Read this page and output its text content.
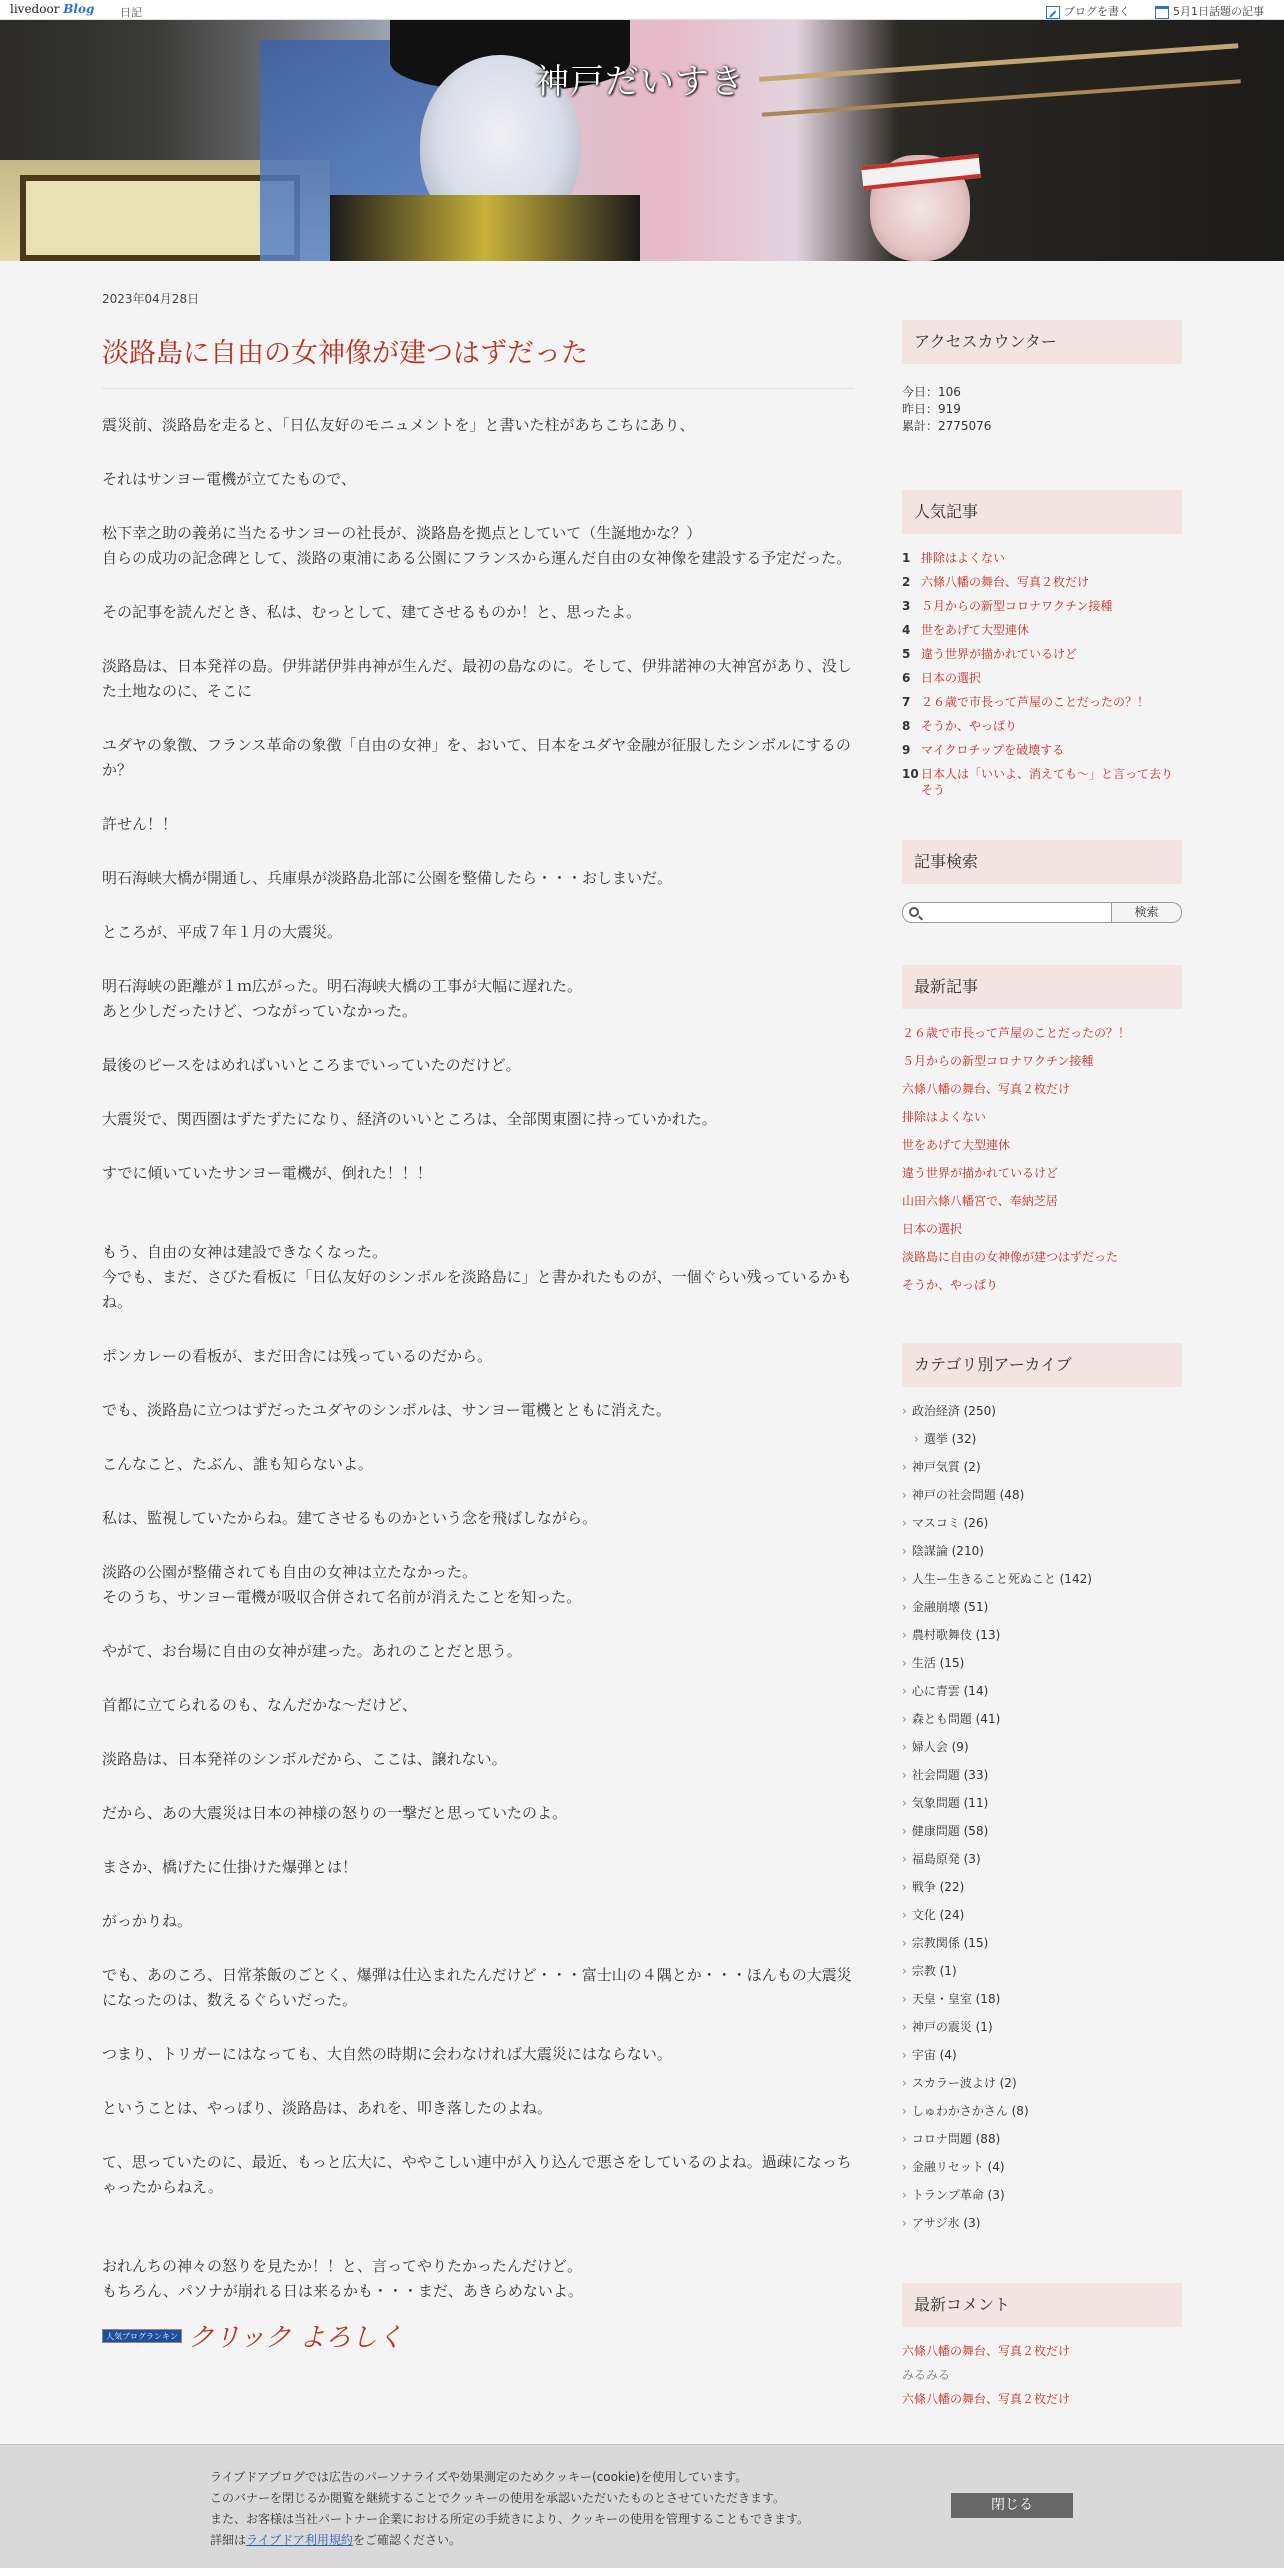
livedoor Blog 日記	ブログを書く	5月1日話題の記事
神戸だいすき
2023年04月28日
淡路島に自由の女神像が建つはずだった

震災前、淡路島を走ると、「日仏友好のモニュメントを」と書いた柱があちこちにあり、

それはサンヨー電機が立てたもので、

松下幸之助の義弟に当たるサンヨーの社長が、淡路島を拠点としていて（生誕地かな？）
自らの成功の記念碑として、淡路の東浦にある公園にフランスから運んだ自由の女神像を建設する予定だった。

その記事を読んだとき、私は、むっとして、建てさせるものか！と、思ったよ。

淡路島は、日本発祥の島。伊弉諾伊弉冉神が生んだ、最初の島なのに。そして、伊弉諾神の大神宮があり、没した土地なのに、そこに

ユダヤの象徴、フランス革命の象徴「自由の女神」を、おいて、日本をユダヤ金融が征服したシンボルにするのか？

許せん！！

明石海峡大橋が開通し、兵庫県が淡路島北部に公園を整備したら・・・おしまいだ。

ところが、平成７年１月の大震災。

明石海峡の距離が１ｍ広がった。明石海峡大橋の工事が大幅に遅れた。
あと少しだったけど、つながっていなかった。

最後のピースをはめればいいところまでいっていたのだけど。

大震災で、関西圏はずたずたになり、経済のいいところは、全部関東圏に持っていかれた。

すでに傾いていたサンヨー電機が、倒れた！！！

もう、自由の女神は建設できなくなった。
今でも、まだ、さびた看板に「日仏友好のシンボルを淡路島に」と書かれたものが、一個ぐらい残っているかもね。

ポンカレーの看板が、まだ田舎には残っているのだから。

でも、淡路島に立つはずだったユダヤのシンボルは、サンヨー電機とともに消えた。

こんなこと、たぶん、誰も知らないよ。

私は、監視していたからね。建てさせるものかという念を飛ばしながら。

淡路の公園が整備されても自由の女神は立たなかった。
そのうち、サンヨー電機が吸収合併されて名前が消えたことを知った。

やがて、お台場に自由の女神が建った。あれのことだと思う。

首都に立てられるのも、なんだかな～だけど、

淡路島は、日本発祥のシンボルだから、ここは、譲れない。

だから、あの大震災は日本の神様の怒りの一撃だと思っていたのよ。

まさか、橋げたに仕掛けた爆弾とは！

がっかりね。

でも、あのころ、日常茶飯のごとく、爆弾は仕込まれたんだけど・・・富士山の４隅とか・・・ほんもの大震災になったのは、数えるぐらいだった。

つまり、トリガーにはなっても、大自然の時期に会わなければ大震災にはならない。

ということは、やっぱり、淡路島は、あれを、叩き落したのよね。

て、思っていたのに、最近、もっと広大に、ややこしい連中が入り込んで悪さをしているのよね。過疎になっちゃったからねえ。

おれんちの神々の怒りを見たか！！と、言ってやりたかったんだけど。
もちろん、パソナが崩れる日は来るかも・・・まだ、あきらめないよ。

人気ブログランキング	クリック よろしく
アクセスカウンター
今日：106
昨日：919
累計：2775076
人気記事
1 排除はよくない
2 六條八幡の舞台、写真２枚だけ
3 ５月からの新型コロナワクチン接種
4 世をあげて大型連休
5 違う世界が描かれているけど
6 日本の選択
7 ２６歳で市長って芦屋のことだったの？！
8 そうか、やっぱり
9 マイクロチップを破壊する
10 日本人は「いいよ、消えても～」と言って去りそう
記事検索
検索
最新記事
２６歳で市長って芦屋のことだったの？！
５月からの新型コロナワクチン接種
六條八幡の舞台、写真２枚だけ
排除はよくない
世をあげて大型連休
違う世界が描かれているけど
山田六條八幡宮で、奉納芝居
日本の選択
淡路島に自由の女神像が建つはずだった
そうか、やっぱり
カテゴリ別アーカイブ
› 政治経済 (250)
› 選挙 (32)
› 神戸気質 (2)
› 神戸の社会問題 (48)
› マスコミ (26)
› 陰謀論 (210)
› 人生ー生きること死ぬこと (142)
› 金融崩壊 (51)
› 農村歌舞伎 (13)
› 生活 (15)
› 心に青雲 (14)
› 森とも問題 (41)
› 婦人会 (9)
› 社会問題 (33)
› 気象問題 (11)
› 健康問題 (58)
› 福島原発 (3)
› 戦争 (22)
› 文化 (24)
› 宗教関係 (15)
› 宗教 (1)
› 天皇・皇室 (18)
› 神戸の震災 (1)
› 宇宙 (4)
› スカラー波よけ (2)
› しゅわかさかさん (8)
› コロナ問題 (88)
› 金融リセット (4)
› トランプ革命 (3)
› アサジ氷 (3)
最新コメント
六條八幡の舞台、写真２枚だけ
みるみる
六條八幡の舞台、写真２枚だけ
ライブドアブログでは広告のパーソナライズや効果測定のためクッキー(cookie)を使用しています。
このバナーを閉じるか閲覧を継続することでクッキーの使用を承認いただいたものとさせていただきます。
また、お客様は当社パートナー企業における所定の手続きにより、クッキーの使用を管理することもできます。
詳細はライブドア利用規約をご確認ください。
閉じる
